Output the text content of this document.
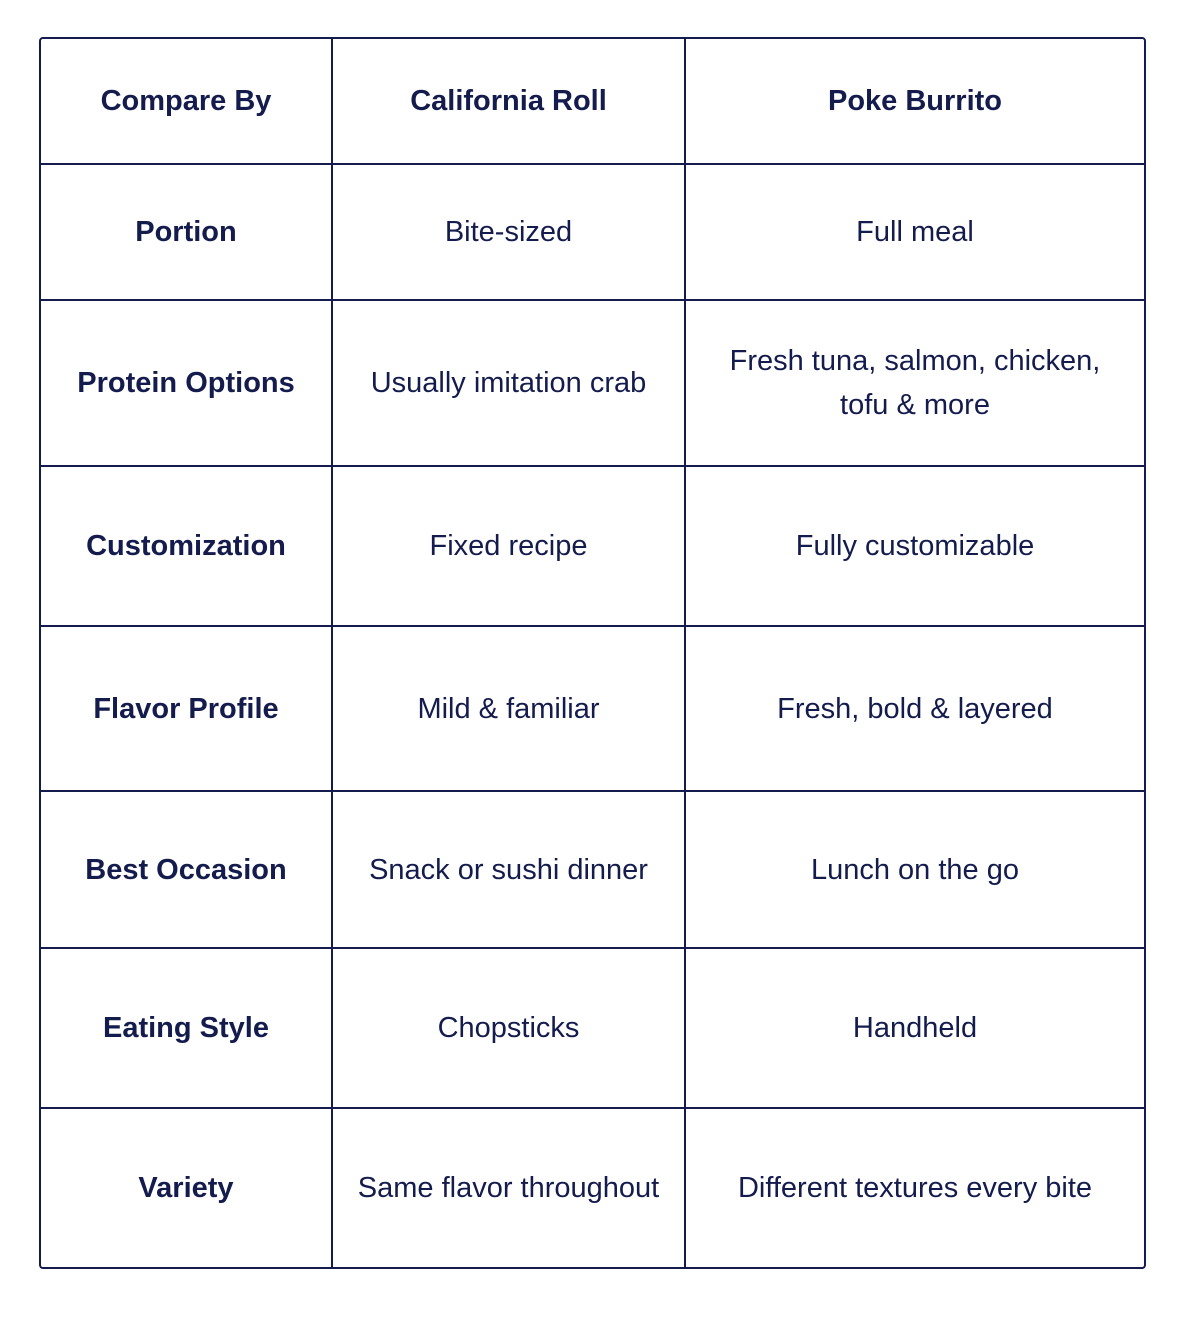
Compare By	California Roll	Poke Burrito
Portion	Bite-sized	Full meal
Protein Options	Usually imitation crab	Fresh tuna, salmon, chicken, tofu & more
Customization	Fixed recipe	Fully customizable
Flavor Profile	Mild & familiar	Fresh, bold & layered
Best Occasion	Snack or sushi dinner	Lunch on the go
Eating Style	Chopsticks	Handheld
Variety	Same flavor throughout	Different textures every bite
